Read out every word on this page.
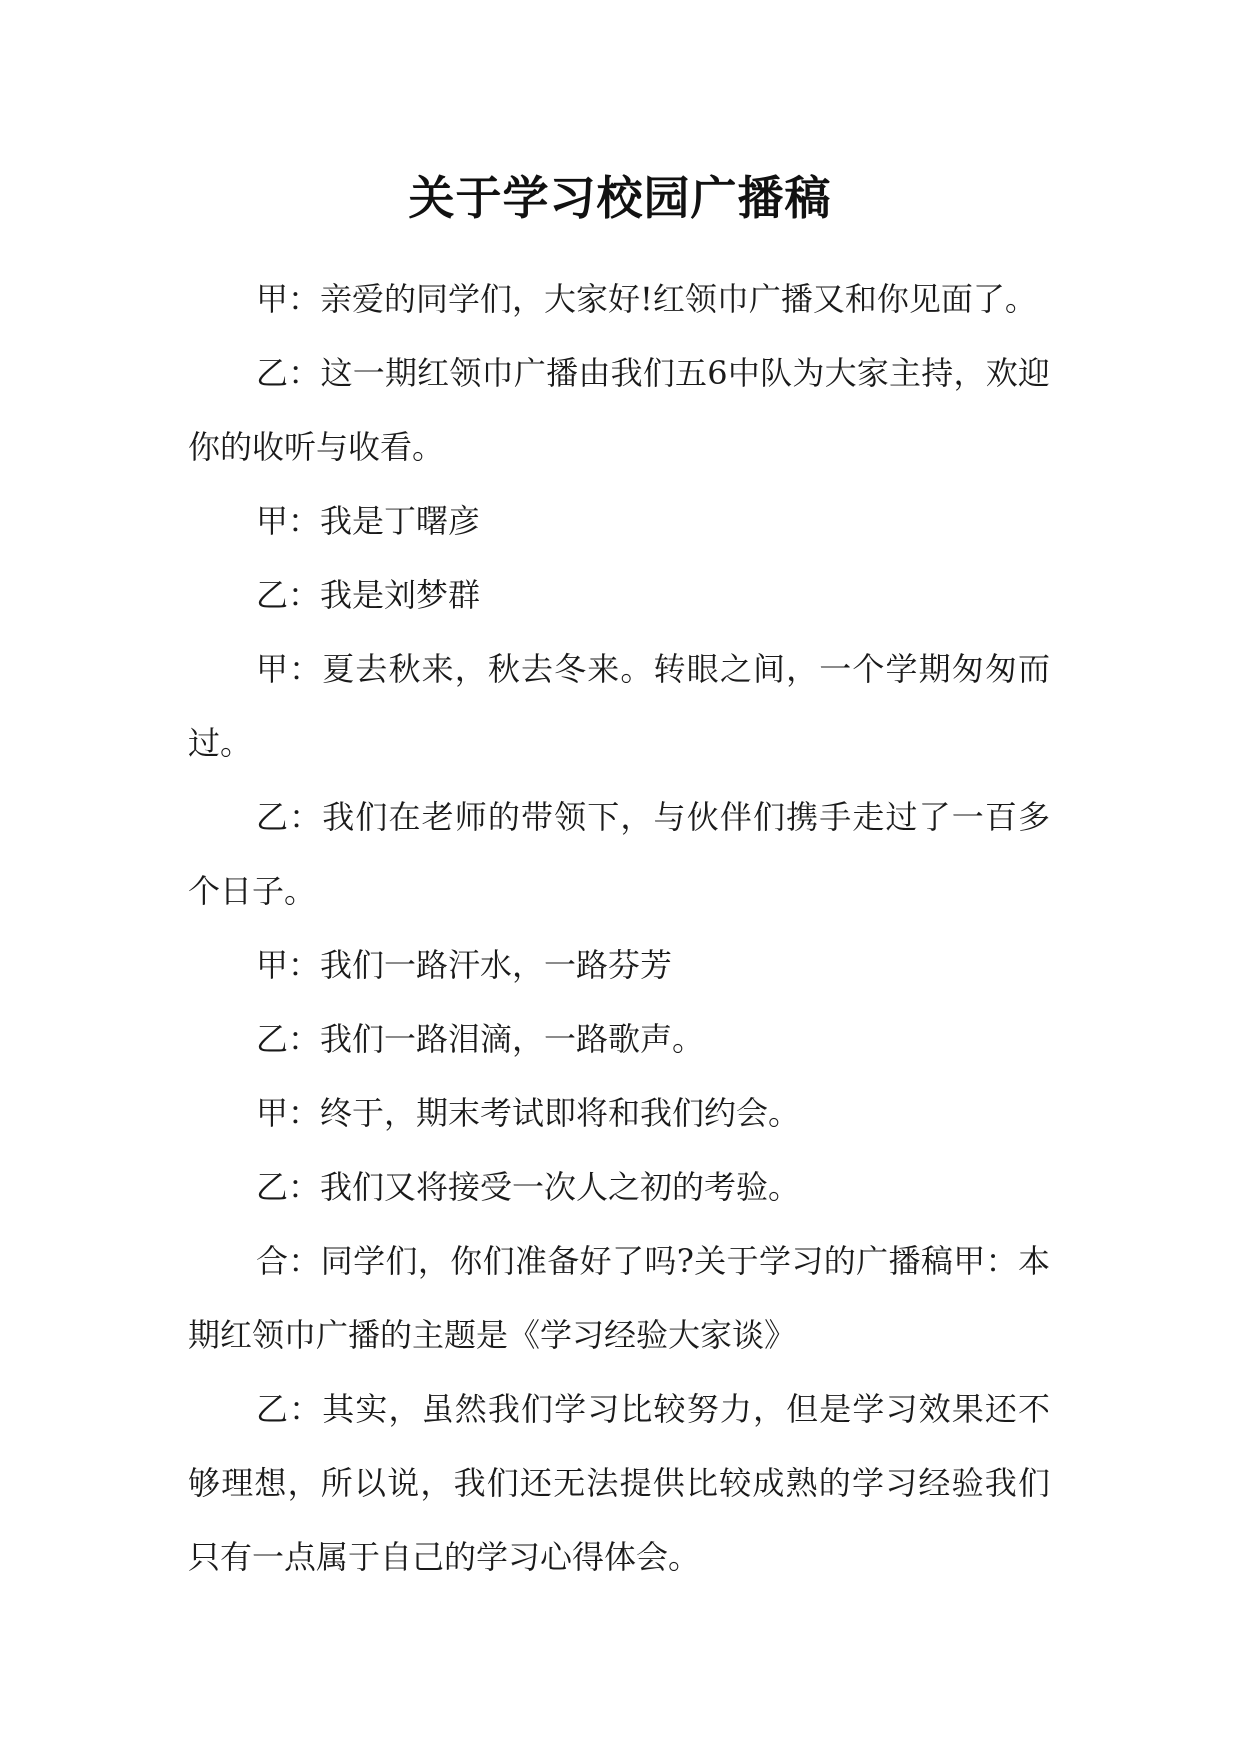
关于学习校园广播稿

甲：亲爱的同学们，大家好!红领巾广播又和你见面了。

乙：这一期红领巾广播由我们五6中队为大家主持，欢迎你的收听与收看。

甲：我是丁曙彦

乙：我是刘梦群

甲：夏去秋来，秋去冬来。转眼之间，一个学期匆匆而过。

乙：我们在老师的带领下，与伙伴们携手走过了一百多个日子。

甲：我们一路汗水，一路芬芳

乙：我们一路泪滴，一路歌声。

甲：终于，期末考试即将和我们约会。

乙：我们又将接受一次人之初的考验。

合：同学们，你们准备好了吗?关于学习的广播稿甲：本期红领巾广播的主题是《学习经验大家谈》

乙：其实，虽然我们学习比较努力，但是学习效果还不够理想，所以说，我们还无法提供比较成熟的学习经验我们只有一点属于自己的学习心得体会。
